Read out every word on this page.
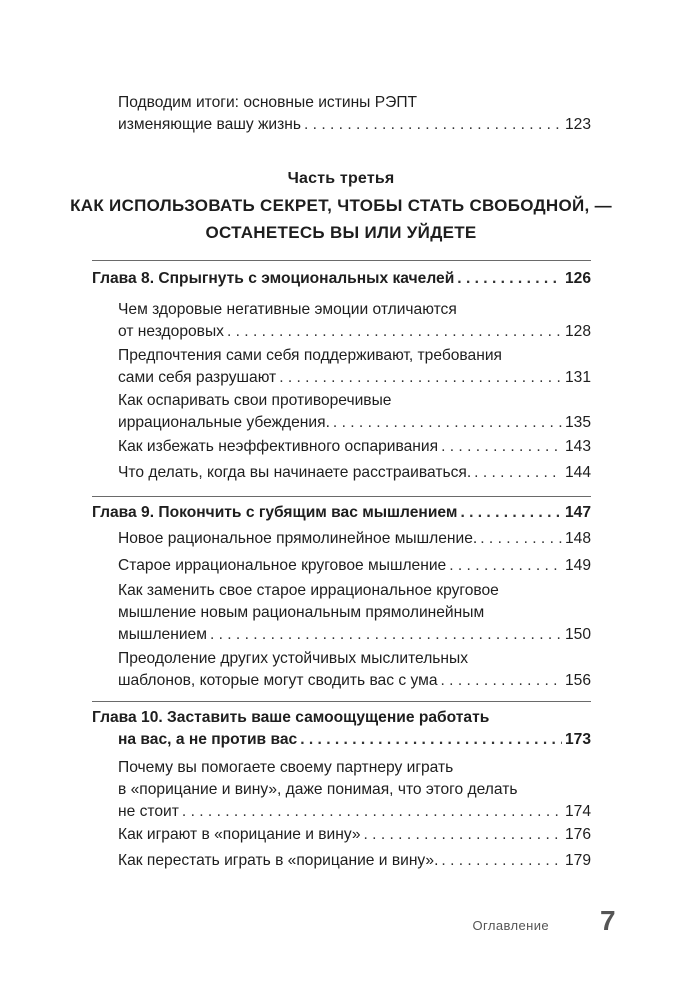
Подводим итоги: основные истины РЭПТ
изменяющие вашу жизнь . . .	123
Часть третья
КАК ИСПОЛЬЗОВАТЬ СЕКРЕТ, ЧТОБЫ СТАТЬ СВОБОДНОЙ, —
ОСТАНЕТЕСЬ ВЫ ИЛИ УЙДЕТЕ
Глава 8. Спрыгнуть с эмоциональных качелей . . .	126
Чем здоровые негативные эмоции отличаются
от нездоровых . . .	128
Предпочтения сами себя поддерживают, требования
сами себя разрушают . . .	131
Как оспаривать свои противоречивые
иррациональные убеждения. . . .	135
Как избежать неэффективного оспаривания . . .	143
Что делать, когда вы начинаете расстраиваться. . . .	144
Глава 9. Покончить с губящим вас мышлением . . .	147
Новое рациональное прямолинейное мышление. . . .	148
Старое иррациональное круговое мышление . . .	149
Как заменить свое старое иррациональное круговое
мышление новым рациональным прямолинейным
мышлением . . .	150
Преодоление других устойчивых мыслительных
шаблонов, которые могут сводить вас с ума . . .	156
Глава 10. Заставить ваше самоощущение работать
на вас, а не против вас . . .	173
Почему вы помогаете своему партнеру играть
в «порицание и вину», даже понимая, что этого делать
не стоит . . .	174
Как играют в «порицание и вину» . . .	176
Как перестать играть в «порицание и вину». . . .	179
Оглавление 7
